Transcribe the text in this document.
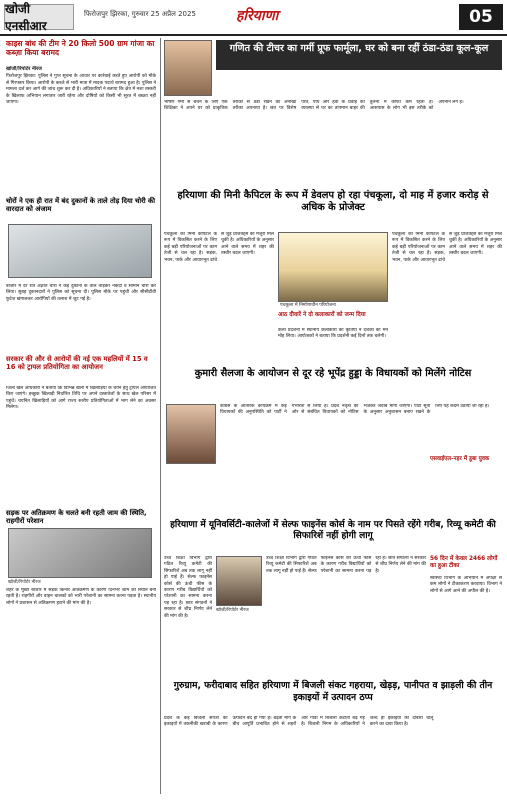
खोजी एनसीआर
फिरोजपुर झिरका, गुरुवार 25 अप्रैल 2025	हरियाणा	05
काइस बांध की टीम ने 20 किलो 500 ग्राम गांजा का कब्ज़ा किया बरामद
खोजी/रिपोर्टर नीरज
फिरोजपुर झिरका: पुलिस ने गुप्त सूचना के आधार पर कार्रवाई करते हुए आरोपी को मौके से गिरफ्तार किया। आरोपी के कब्जे से भारी मात्रा में मादक पदार्थ बरामद हुआ है। पुलिस ने मामला दर्ज कर आगे की जांच शुरू कर दी है। अधिकारियों ने बताया कि क्षेत्र में नशा तस्करी के खिलाफ अभियान लगातार जारी रहेगा और दोषियों को किसी भी सूरत में बख्शा नहीं जाएगा।
चोरों ने एक ही रात में बंद दुकानों के ताले तोड़ दिया चोरी की वारदात को अंजाम
बाजार में देर रात अज्ञात चोरों ने कई दुकानों के ताले तोड़कर नकदी व सामान चोरी कर लिया। सुबह दुकानदारों ने पुलिस को सूचना दी। पुलिस मौके पर पहुंची और सीसीटीवी फुटेज खंगालकर आरोपियों की तलाश में जुट गई है।
सरकार की और से आरोपों की नई एक महलियों में 15 व 16 को ट्रायल प्रतियोगिता का आयोजन
जिला खेल अधिकारी ने बताया कि विभिन्न खेलों में खिलाड़ियों के चयन हेतु ट्रायल आयोजित किए जाएंगे। इच्छुक खिलाड़ी निर्धारित तिथि पर अपने दस्तावेजों के साथ खेल परिसर में पहुंचें। चयनित खिलाड़ियों को आगे राज्य स्तरीय प्रतियोगिताओं में भाग लेने का अवसर मिलेगा।
सड़क पर अतिक्रमण के चलते बनी रहती जाम की स्थिति, राहगीरों परेशान
खोजी/रिपोर्टर नीरज
शहर के मुख्य बाजार में सड़क किनारे अतिक्रमण के कारण दिनभर जाम की स्थिति बनी रहती है। राहगीरों और वाहन चालकों को भारी परेशानी का सामना करना पड़ता है। स्थानीय लोगों ने प्रशासन से अतिक्रमण हटाने की मांग की है।
गणित की टीचर का गर्मी प्रूफ फार्मूला, घर को बना रहीं ठंडा-ठंडा कूल-कूल
भीषण गर्मी से बचने के लिए एक शिक्षिका ने अपने घर को प्राकृतिक तरीकों से ठंडा रखने का अनोखा तरीका अपनाया है। छत पर विशेष परत, पौधे और हवा के प्रवाह की व्यवस्था से घर का तापमान बाहर की तुलना में काफी कम रहता है। आसपास के लोग भी इस तरीके को अपनाने लगे हैं।
हरियाणा की मिनी कैपिटल के रूप में डेवलप हो रहा पंचकूला, दो माह में हजार करोड़ से अधिक के प्रोजेक्ट
पंचकूला को मिनी कैपिटल के रूप में विकसित करने के लिए कई बड़ी परियोजनाओं पर काम तेजी से चल रहा है। सड़क, भवन, पार्क और आधारभूत ढांचे से जुड़े प्रोजेक्ट्स को मंजूरी मिल चुकी है। अधिकारियों के अनुसार आने वाले समय में शहर की तस्वीर बदल जाएगी।
पंचकूला में निर्माणाधीन परियोजना
पंचकूला को मिनी कैपिटल के रूप में विकसित करने के लिए कई बड़ी परियोजनाओं पर काम तेजी से चल रहा है। सड़क, भवन, पार्क और आधारभूत ढांचे से जुड़े प्रोजेक्ट्स को मंजूरी मिल चुकी है। अधिकारियों के अनुसार आने वाले समय में शहर की तस्वीर बदल जाएगी।
आठ दीवारें ने दो कलाकारों को जन्म दिया
कला प्रदर्शनी में स्थानीय कलाकारों की कृतियों ने दर्शकों का मन मोह लिया। आयोजकों ने बताया कि प्रदर्शनी कई दिनों तक चलेगी।
कुमारी सैलजा के आयोजन से दूर रहे भूपेंद्र हुड्डा के विधायकों को मिलेंगे नोटिस
कांग्रेस के आंतरिक कार्यक्रम में कई विधायकों की अनुपस्थिति को पार्टी ने गंभीरता से लिया है। प्रदेश नेतृत्व की ओर से संबंधित विधायकों को नोटिस भेजकर जवाब मांगा जाएगा। पार्टी सूत्रों के अनुसार अनुशासन बनाए रखने के लिए यह कदम उठाया जा रहा है।
एसवाईएल-नहर में डूबा युवक
हरियाणा में यूनिवर्सिटी-कालेजों में सेल्फ फाइनेंस कोर्स के नाम पर पिसते रहेंगे गरीब, रिव्यू कमेटी की सिफारिशें नहीं होगी लागू
खोजी/रिपोर्टर नीरज
उच्च शिक्षा विभाग द्वारा गठित रिव्यू कमेटी की सिफारिशें अब तक लागू नहीं हो पाई हैं। सेल्फ फाइनेंस कोर्स की ऊंची फीस के कारण गरीब विद्यार्थियों को परेशानी का सामना करना पड़ रहा है। छात्र संगठनों ने सरकार से शीघ्र निर्णय लेने की मांग की है।
उच्च शिक्षा विभाग द्वारा गठित रिव्यू कमेटी की सिफारिशें अब तक लागू नहीं हो पाई हैं। सेल्फ फाइनेंस कोर्स की ऊंची फीस के कारण गरीब विद्यार्थियों को परेशानी का सामना करना पड़ रहा है। छात्र संगठनों ने सरकार से शीघ्र निर्णय लेने की मांग की है।
56 दिन में केवल 2466 लोगों का हुआ टीका
स्वास्थ्य विभाग के अभियान में अपेक्षा से कम लोगों ने टीकाकरण करवाया। विभाग ने लोगों से आगे आने की अपील की है।
गुरुग्राम, फरीदाबाद सहित हरियाणा में बिजली संकट गहराया, खेड़ड़, पानीपत व झाड़ली की तीन इकाइयों में उत्पादन ठप्प
प्रदेश के कई बिजली संयंत्रों की इकाइयों में तकनीकी खराबी के कारण उत्पादन बंद हो गया है। बढ़ती मांग के बीच आपूर्ति प्रभावित होने से शहरों और गांवों में बिजली कटौती बढ़ गई है। बिजली निगम के अधिकारियों ने जल्द ही इकाइयों को दोबारा चालू करने का दावा किया है।
